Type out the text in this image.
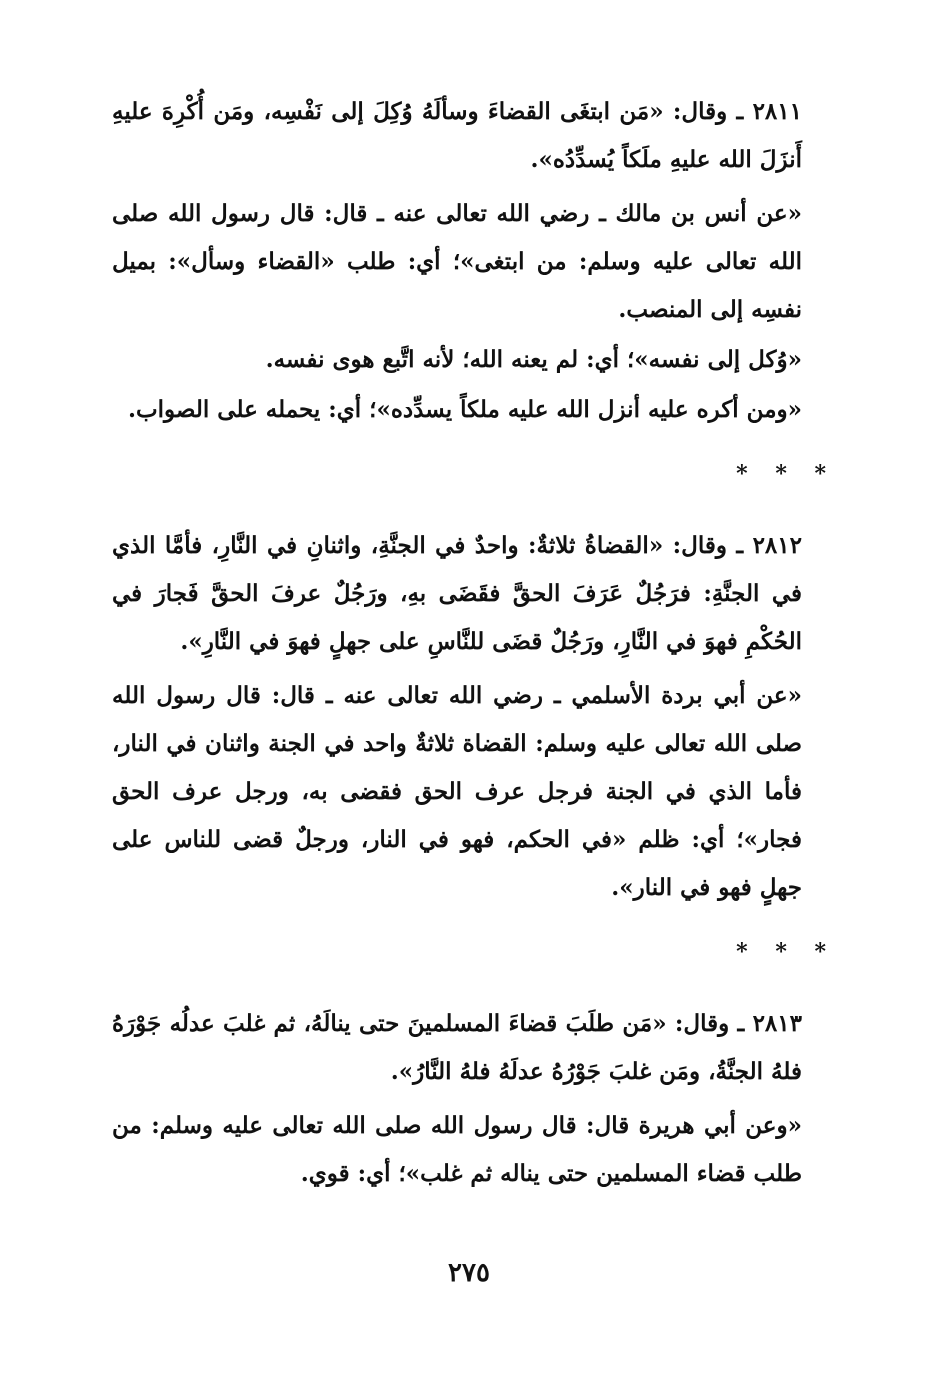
٢٨١١ ـ وقال: «مَن ابتغَى القضاءَ وسألَهُ وُكِلَ إلى نَفْسِه، ومَن أُكْرِهَ عليهِ أَنزَلَ الله عليهِ ملَكاً يُسدِّدُه».

«عن أنس بن مالك ـ رضي الله تعالى عنه ـ قال: قال رسول الله صلى الله تعالى عليه وسلم: من ابتغى»؛ أي: طلب «القضاء وسأل»: بميل نفسِه إلى المنصب.

«وُكل إلى نفسه»؛ أي: لم يعنه الله؛ لأنه اتَّبع هوى نفسه.

«ومن أكره عليه أنزل الله عليه ملكاً يسدِّده»؛ أي: يحمله على الصواب.

* * *

٢٨١٢ ـ وقال: «القضاةُ ثلاثةٌ: واحدٌ في الجنَّةِ، واثنانِ في النَّارِ، فأمَّا الذي في الجنَّةِ: فرَجُلٌ عَرَفَ الحقَّ فقَضَى بهِ، ورَجُلٌ عرفَ الحقَّ فَجارَ في الحُكْمِ فهوَ في النَّارِ، ورَجُلٌ قضَى للنَّاسِ على جهلٍ فهوَ في النَّارِ».

«عن أبي بردة الأسلمي ـ رضي الله تعالى عنه ـ قال: قال رسول الله صلى الله تعالى عليه وسلم: القضاة ثلاثةٌ واحد في الجنة واثنان في النار، فأما الذي في الجنة فرجل عرف الحق فقضى به، ورجل عرف الحق فجار»؛ أي: ظلم «في الحكم، فهو في النار، ورجلٌ قضى للناس على جهلٍ فهو في النار».

* * *

٢٨١٣ ـ وقال: «مَن طلَبَ قضاءَ المسلمينَ حتى ينالَهُ، ثم غلبَ عدلُه جَوْرَهُ فلهُ الجنَّةُ، ومَن غلبَ جَوْرُهُ عدلَهُ فلهُ النَّارُ».

«وعن أبي هريرة قال: قال رسول الله صلى الله تعالى عليه وسلم: من طلب قضاء المسلمين حتى يناله ثم غلب»؛ أي: قوي.

٢٧٥
